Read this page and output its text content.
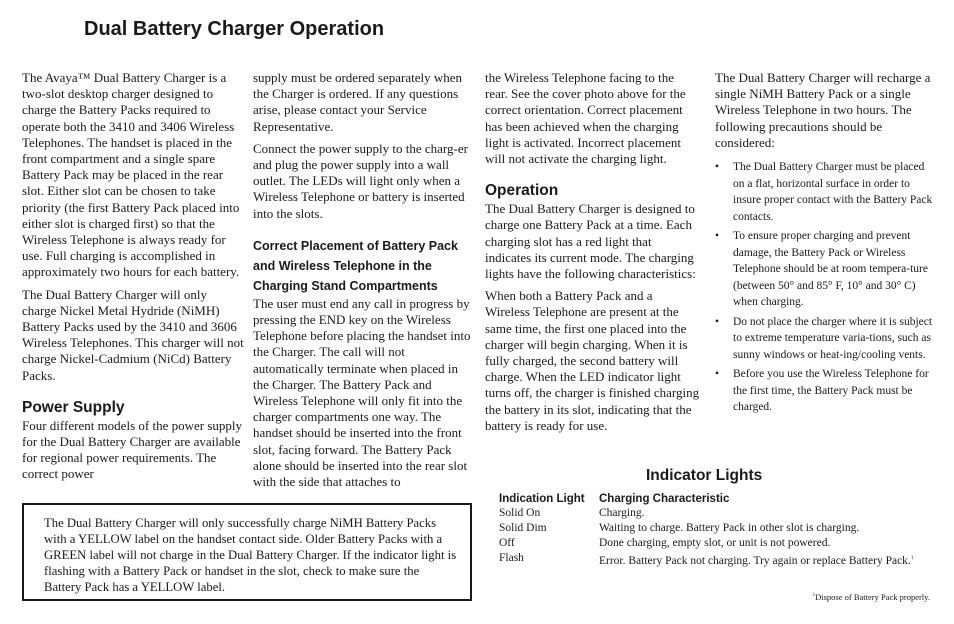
Dual Battery Charger Operation

The Avaya™ Dual Battery Charger is a two-slot desktop charger designed to charge the Battery Packs required to operate both the 3410 and 3406 Wireless Telephones. The handset is placed in the front compartment and a single spare Battery Pack may be placed in the rear slot. Either slot can be chosen to take priority (the first Battery Pack placed into either slot is charged first) so that the Wireless Telephone is always ready for use. Full charging is accomplished in approximately two hours for each battery.

The Dual Battery Charger will only charge Nickel Metal Hydride (NiMH) Battery Packs used by the 3410 and 3606 Wireless Telephones. This charger will not charge Nickel-Cadmium (NiCd) Battery Packs.

Power Supply

Four different models of the power supply for the Dual Battery Charger are available for regional power requirements. The correct power

supply must be ordered separately when the Charger is ordered. If any questions arise, please contact your Service Representative.

Connect the power supply to the charg-er and plug the power supply into a wall outlet. The LEDs will light only when a Wireless Telephone or battery is inserted into the slots.

Correct Placement of Battery Pack and Wireless Telephone in the Charging Stand Compartments

The user must end any call in progress by pressing the END key on the Wireless Telephone before placing the handset into the Charger. The call will not automatically terminate when placed in the Charger. The Battery Pack and Wireless Telephone will only fit into the charger compartments one way. The handset should be inserted into the front slot, facing forward. The Battery Pack alone should be inserted into the rear slot with the side that attaches to

the Wireless Telephone facing to the rear. See the cover photo above for the correct orientation. Correct placement has been achieved when the charging light is activated. Incorrect placement will not activate the charging light.

Operation

The Dual Battery Charger is designed to charge one Battery Pack at a time. Each charging slot has a red light that indicates its current mode. The charging lights have the following characteristics:

When both a Battery Pack and a Wireless Telephone are present at the same time, the first one placed into the charger will begin charging. When it is fully charged, the second battery will charge. When the LED indicator light turns off, the charger is finished charging the battery in its slot, indicating that the battery is ready for use.

The Dual Battery Charger will recharge a single NiMH Battery Pack or a single Wireless Telephone in two hours. The following precautions should be considered:

• The Dual Battery Charger must be placed on a flat, horizontal surface in order to insure proper contact with the Battery Pack contacts.
• To ensure proper charging and prevent damage, the Battery Pack or Wireless Telephone should be at room tempera-ture (between 50° and 85° F, 10° and 30° C) when charging.
• Do not place the charger where it is subject to extreme temperature varia-tions, such as sunny windows or heat-ing/cooling vents.
• Before you use the Wireless Telephone for the first time, the Battery Pack must be charged.
The Dual Battery Charger will only successfully charge NiMH Battery Packs with a YELLOW label on the handset contact side. Older Battery Packs with a GREEN label will not charge in the Dual Battery Charger. If the indicator light is flashing with a Battery Pack or handset in the slot, check to make sure the Battery Pack has a YELLOW label.
Indicator Lights
Indication Light	Charging Characteristic
Solid On	Charging.
Solid Dim	Waiting to charge. Battery Pack in other slot is charging.
Off	Done charging, empty slot, or unit is not powered.
Flash	Error. Battery Pack not charging. Try again or replace Battery Pack.$^1$
$^1$Dispose of Battery Pack properly.
